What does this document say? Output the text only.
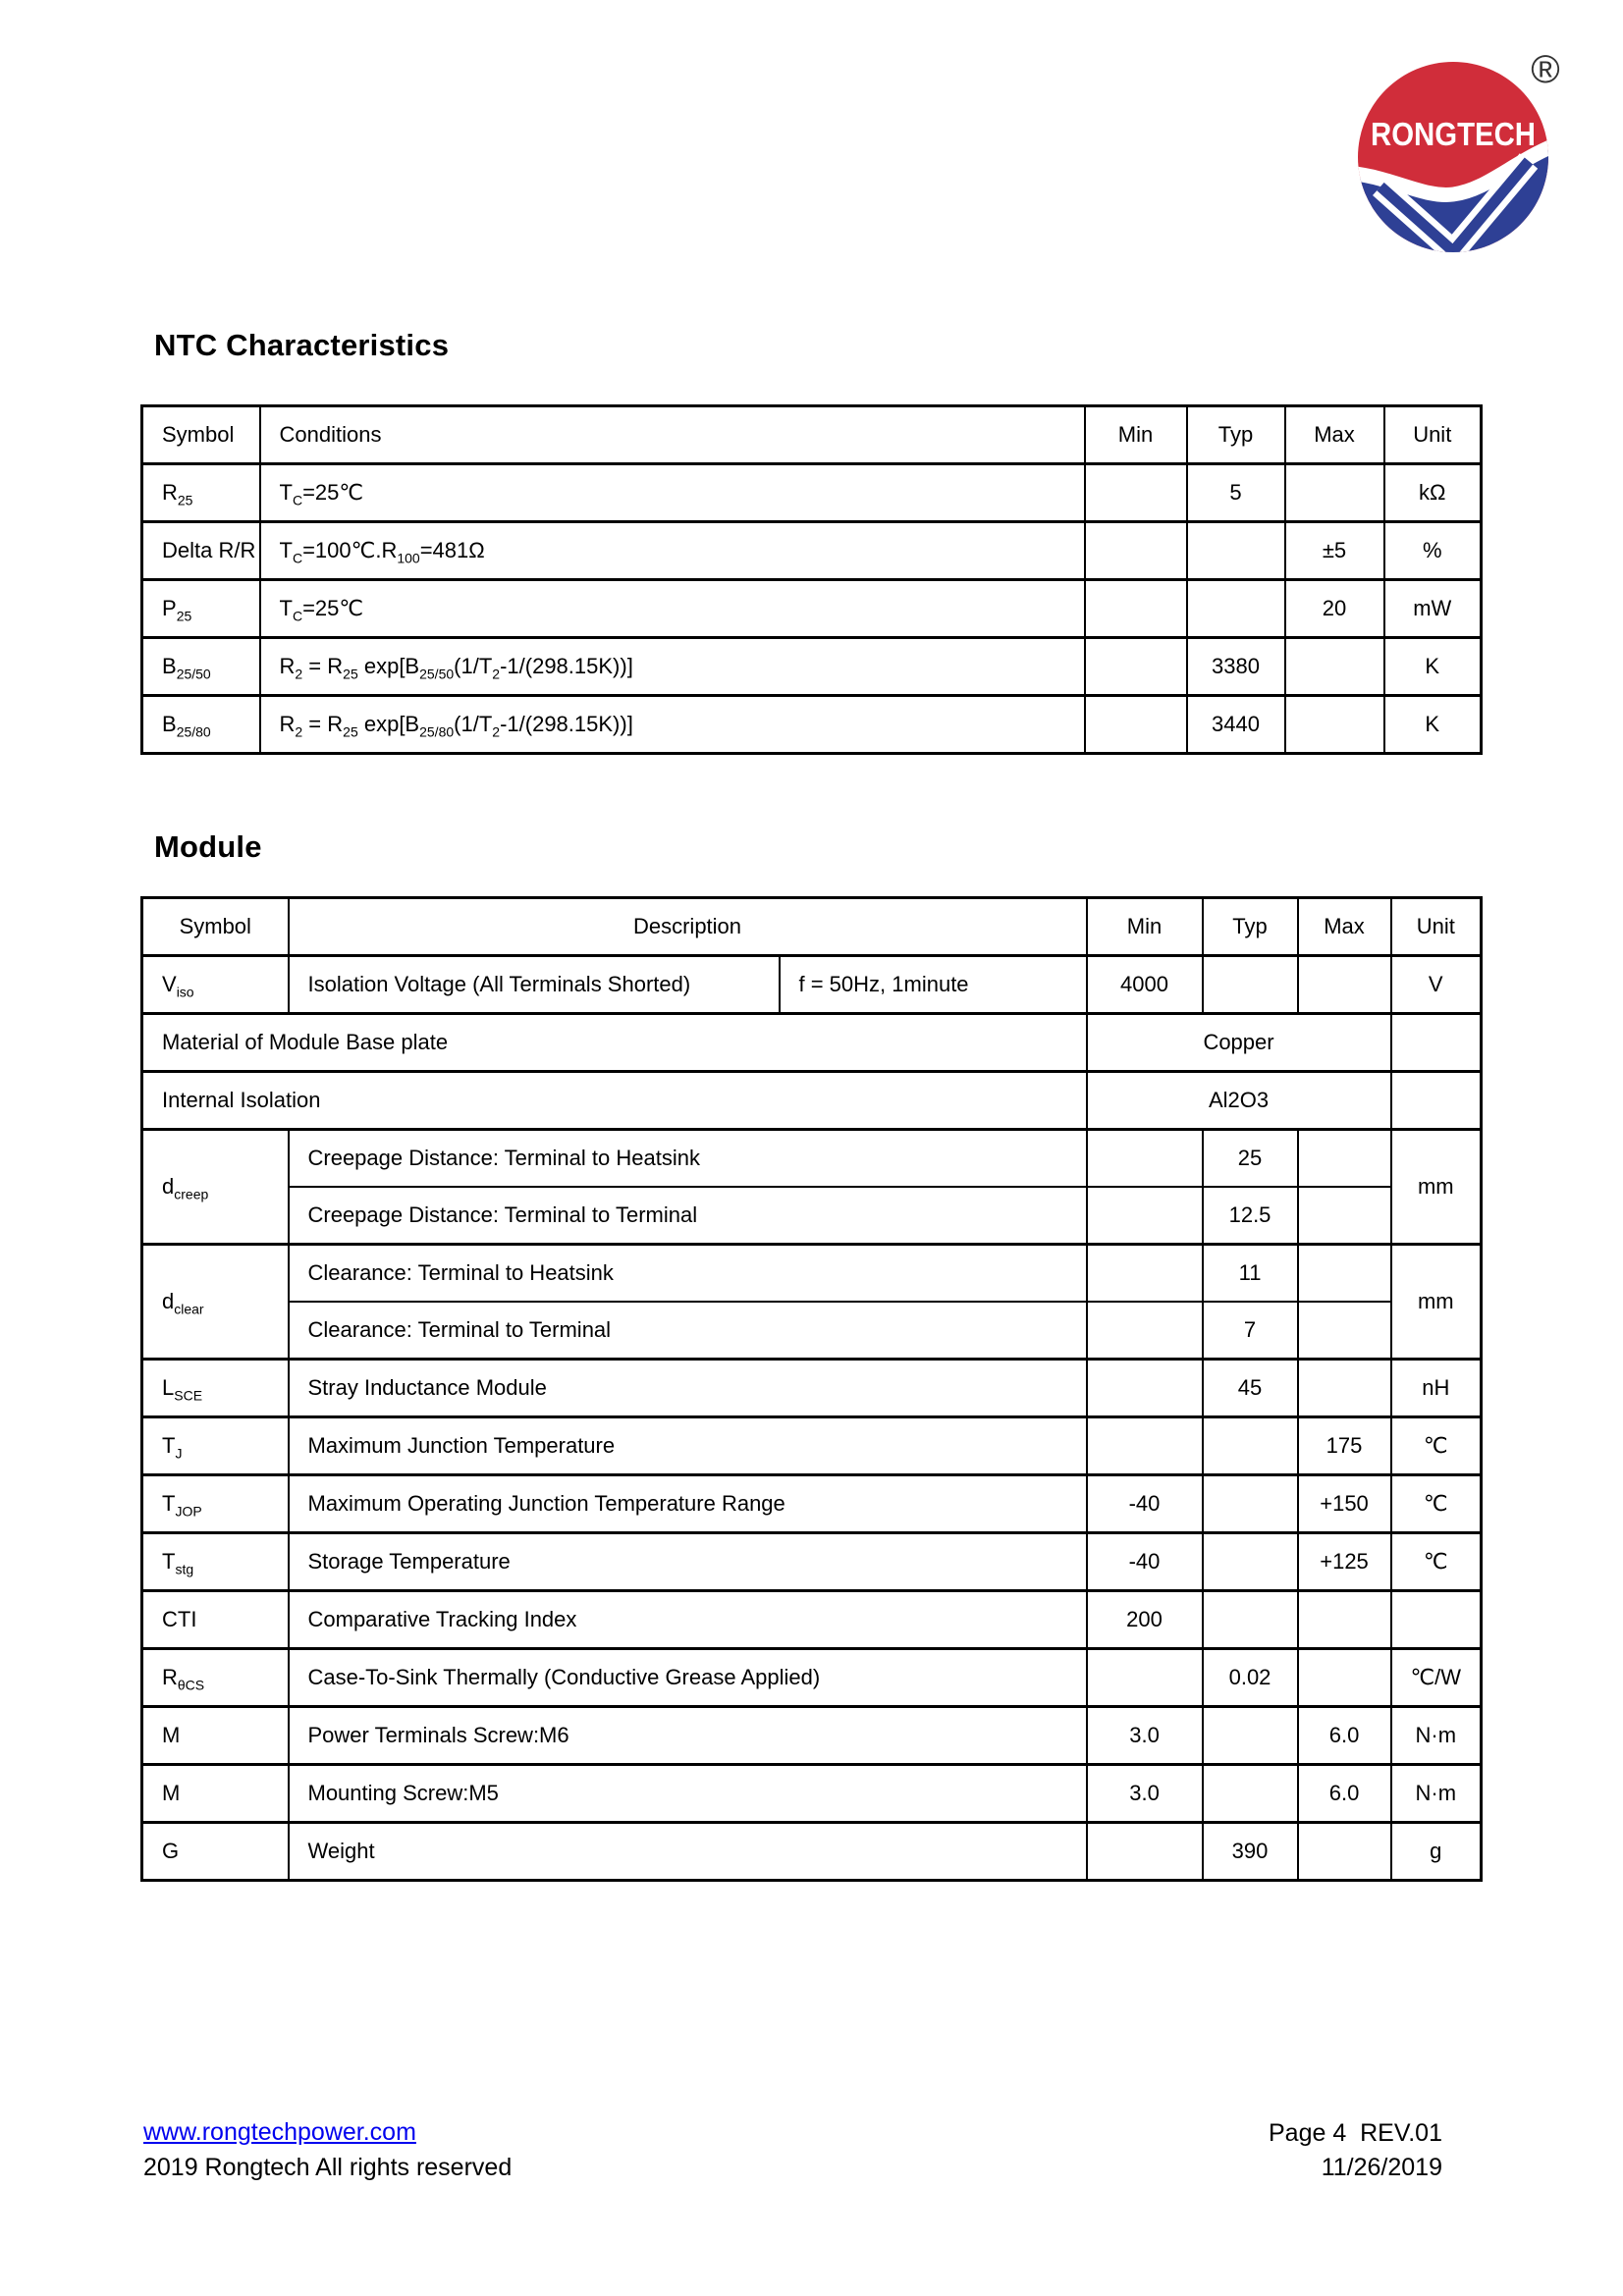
RONGTECH
®
NTC Characteristics
Symbol	Conditions	Min	Typ	Max	Unit
$R_{25}$	$T_C=25℃$		5		kΩ
Delta R/R	$T_C=100℃.R_{100}=481\Omega$			±5	%
$P_{25}$	$T_C=25℃$			20	mW
$B_{25/50}$	$R_2 = R_{25}$ $\exp[B_{25/50}(1/T_2-1/(298.15K))]$		3380		K
$B_{25/80}$	$R_2 = R_{25}$ $\exp[B_{25/80}(1/T_2-1/(298.15K))]$		3440		K
Module
Symbol	Description		Min	Typ	Max	Unit
$V_{iso}$	Isolation Voltage (All Terminals Shorted)	f = 50Hz, 1minute	4000			V
Material of Module Base plate			Copper			
Internal Isolation			Al2O3			
$d_{creep}$	Creepage Distance: Terminal to Heatsink			25		mm
	Creepage Distance: Terminal to Terminal			12.5		
$d_{clear}$	Clearance: Terminal to Heatsink			11		mm
	Clearance: Terminal to Terminal			7		
$L_{SCE}$	Stray Inductance Module			45		nH
$T_J$	Maximum Junction Temperature				175	℃
$T_{JOP}$	Maximum Operating Junction Temperature Range		-40		+150	℃
$T_{stg}$	Storage Temperature		-40		+125	℃
CTI	Comparative Tracking Index		200			
$R_{\theta CS}$	Case-To-Sink Thermally (Conductive Grease Applied)			0.02		℃/W
M	Power Terminals Screw:M6		3.0		6.0	N·m
M	Mounting Screw:M5		3.0		6.0	N·m
G	Weight			390		g
www.rongtechpower.com
2019 Rongtech All rights reserved
Page 4  REV.01
11/26/2019
